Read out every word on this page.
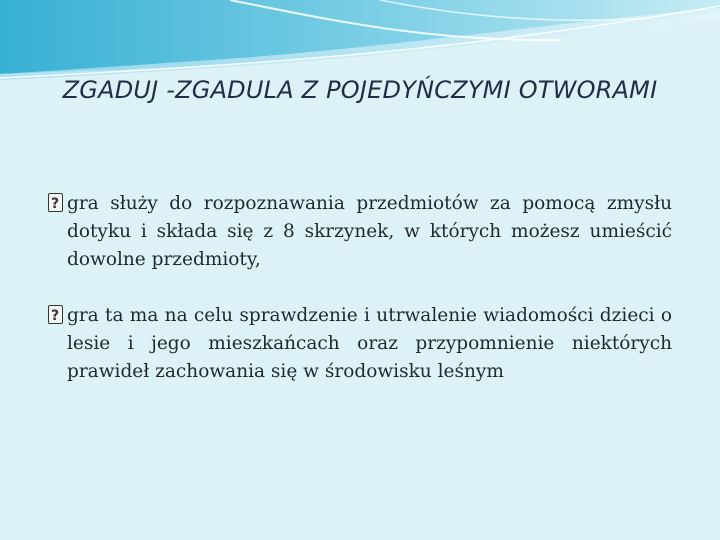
ZGADUJ -ZGADULA Z POJEDYŃCZYMI OTWORAMI
?
gra służy do rozpoznawania przedmiotów za pomocą zmysłu dotyku i składa się z 8 skrzynek, w których możesz umieścić dowolne przedmioty,
?
gra ta ma na celu sprawdzenie i utrwalenie wiadomości dzieci o lesie i jego mieszkańcach oraz przypomnienie niektórych prawideł zachowania się w środowisku leśnym
